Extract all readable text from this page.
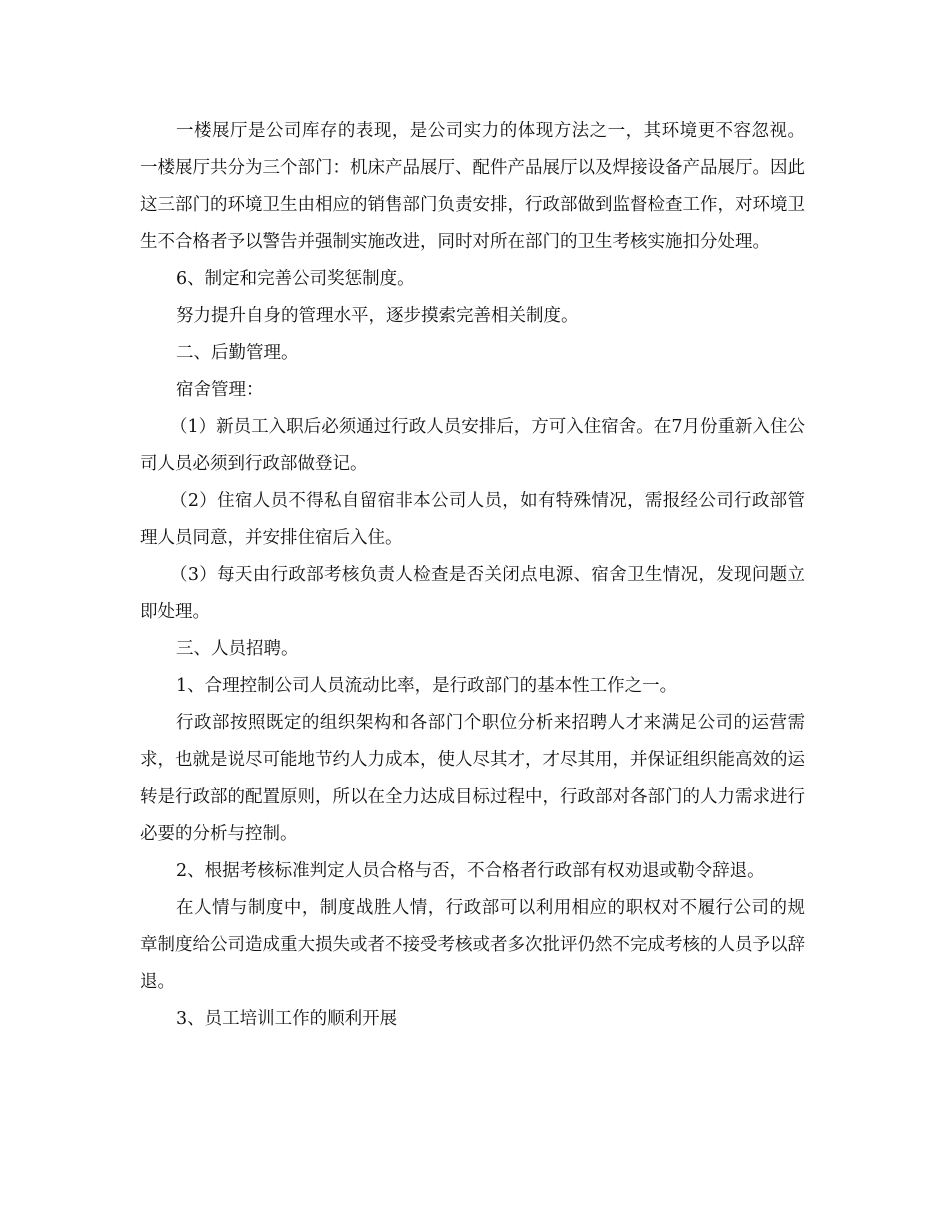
一楼展厅是公司库存的表现，是公司实力的体现方法之一，其环境更不容忽视。一楼展厅共分为三个部门：机床产品展厅、配件产品展厅以及焊接设备产品展厅。因此这三部门的环境卫生由相应的销售部门负责安排，行政部做到监督检查工作，对环境卫生不合格者予以警告并强制实施改进，同时对所在部门的卫生考核实施扣分处理。

6、制定和完善公司奖惩制度。

努力提升自身的管理水平，逐步摸索完善相关制度。

二、后勤管理。

宿舍管理：

（1）新员工入职后必须通过行政人员安排后，方可入住宿舍。在7月份重新入住公司人员必须到行政部做登记。

（2）住宿人员不得私自留宿非本公司人员，如有特殊情况，需报经公司行政部管理人员同意，并安排住宿后入住。

（3）每天由行政部考核负责人检查是否关闭点电源、宿舍卫生情况，发现问题立即处理。

三、人员招聘。

1、合理控制公司人员流动比率，是行政部门的基本性工作之一。

行政部按照既定的组织架构和各部门个职位分析来招聘人才来满足公司的运营需求，也就是说尽可能地节约人力成本，使人尽其才，才尽其用，并保证组织能高效的运转是行政部的配置原则，所以在全力达成目标过程中，行政部对各部门的人力需求进行必要的分析与控制。

2、根据考核标准判定人员合格与否，不合格者行政部有权劝退或勒令辞退。

在人情与制度中，制度战胜人情，行政部可以利用相应的职权对不履行公司的规章制度给公司造成重大损失或者不接受考核或者多次批评仍然不完成考核的人员予以辞退。

3、员工培训工作的顺利开展
